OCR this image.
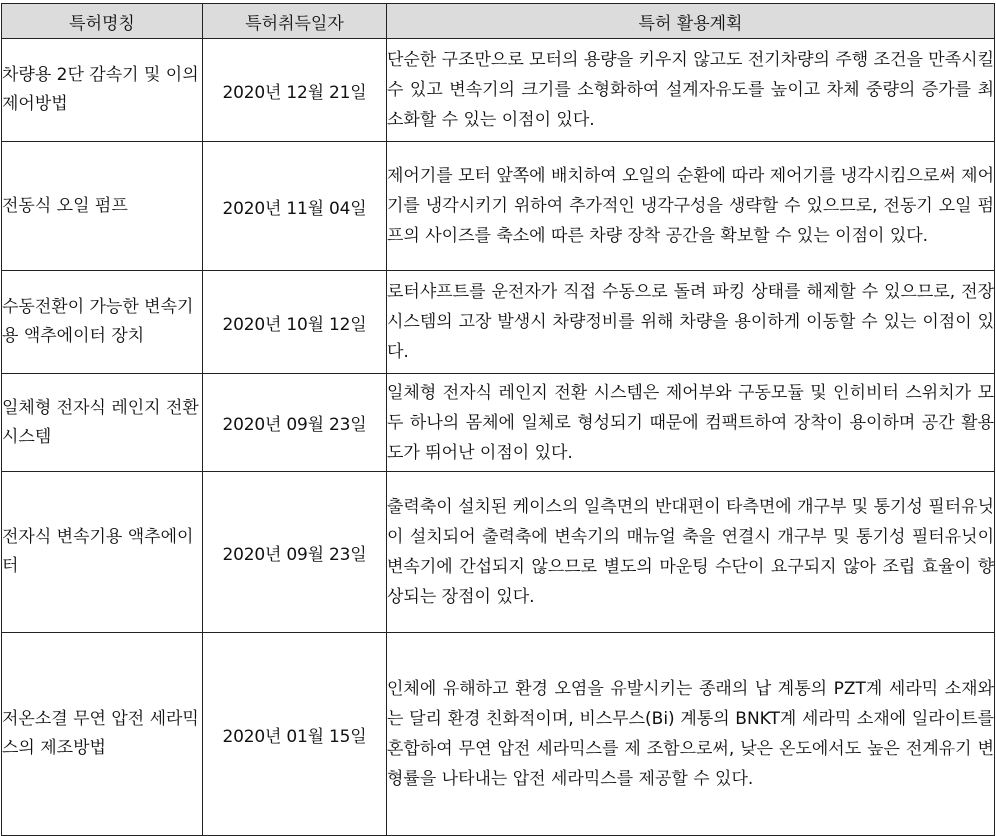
특허명칭	특허취득일자	특허 활용계획
차량용 2단 감속기 및 이의 제어방법	2020년 12월 21일	단순한 구조만으로 모터의 용량을 키우지 않고도 전기차량의 주행 조건을 만족시킬 수 있고 변속기의 크기를 소형화하여 설계자유도를 높이고 차체 중량의 증가를 최소화할 수 있는 이점이 있다.
전동식 오일 펌프	2020년 11월 04일	제어기를 모터 앞쪽에 배치하여 오일의 순환에 따라 제어기를 냉각시킴으로써 제어기를 냉각시키기 위하여 추가적인 냉각구성을 생략할 수 있으므로, 전동기 오일 펌프의 사이즈를 축소에 따른 차량 장착 공간을 확보할 수 있는 이점이 있다.
수동전환이 가능한 변속기용 액추에이터 장치	2020년 10월 12일	로터샤프트를 운전자가 직접 수동으로 돌려 파킹 상태를 해제할 수 있으므로, 전장시스템의 고장 발생시 차량정비를 위해 차량을 용이하게 이동할 수 있는 이점이 있다.
일체형 전자식 레인지 전환 시스템	2020년 09월 23일	일체형 전자식 레인지 전환 시스템은 제어부와 구동모듈 및 인히비터 스위치가 모두 하나의 몸체에 일체로 형성되기 때문에 컴팩트하여 장착이 용이하며 공간 활용도가 뛰어난 이점이 있다.
전자식 변속기용 액추에이터	2020년 09월 23일	출력축이 설치된 케이스의 일측면의 반대편이 타측면에 개구부 및 통기성 필터유닛이 설치되어 출력축에 변속기의 매뉴얼 축을 연결시 개구부 및 통기성 필터유닛이 변속기에 간섭되지 않으므로 별도의 마운팅 수단이 요구되지 않아 조립 효율이 향상되는 장점이 있다.
저온소결 무연 압전 세라믹스의 제조방법	2020년 01월 15일	인체에 유해하고 환경 오염을 유발시키는 종래의 납 계통의 PZT계 세라믹 소재와는 달리 환경 친화적이며, 비스무스(Bi) 계통의 BNKT계 세라믹 소재에 일라이트를 혼합하여 무연 압전 세라믹스를 제 조함으로써, 낮은 온도에서도 높은 전계유기 변형률을 나타내는 압전 세라믹스를 제공할 수 있다.
